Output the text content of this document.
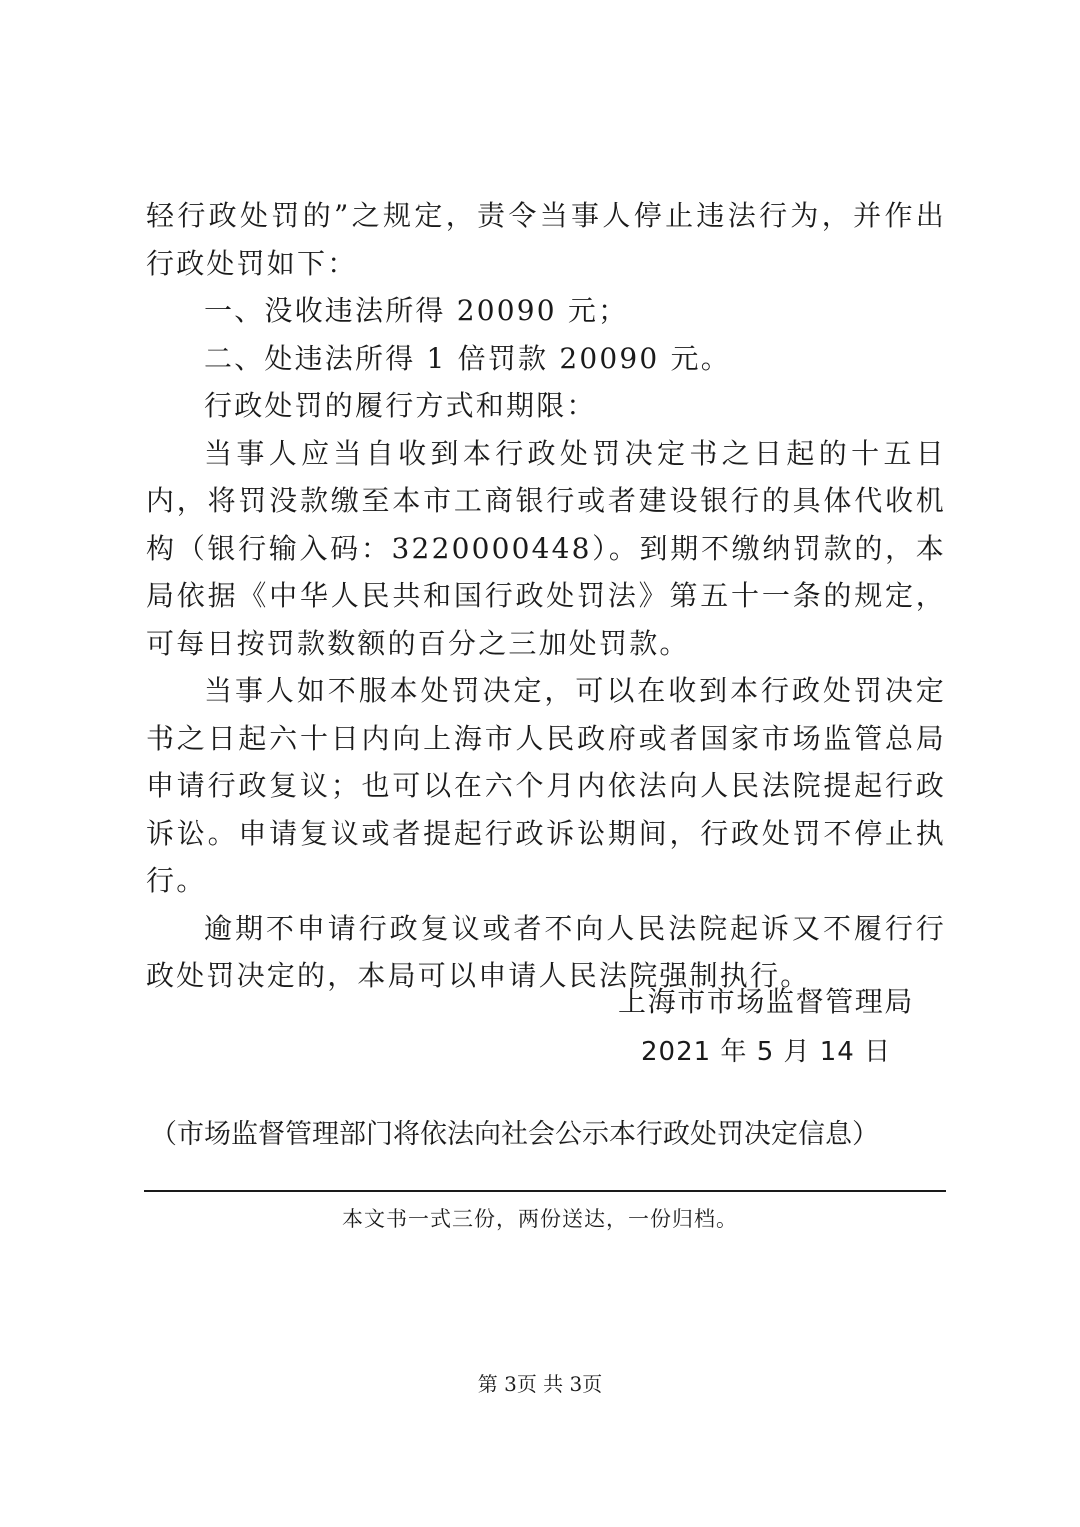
轻行政处罚的”之规定，责令当事人停止违法行为，并作出行政处罚如下：

一、没收违法所得 20090 元；

二、处违法所得 1 倍罚款 20090 元。

行政处罚的履行方式和期限：

当事人应当自收到本行政处罚决定书之日起的十五日内，将罚没款缴至本市工商银行或者建设银行的具体代收机构（银行输入码：3220000448）。到期不缴纳罚款的，本局依据《中华人民共和国行政处罚法》第五十一条的规定，可每日按罚款数额的百分之三加处罚款。

当事人如不服本处罚决定，可以在收到本行政处罚决定书之日起六十日内向上海市人民政府或者国家市场监管总局申请行政复议；也可以在六个月内依法向人民法院提起行政诉讼。申请复议或者提起行政诉讼期间，行政处罚不停止执行。

逾期不申请行政复议或者不向人民法院起诉又不履行行政处罚决定的，本局可以申请人民法院强制执行。

上海市市场监督管理局
2021 年 5 月 14 日
（市场监督管理部门将依法向社会公示本行政处罚决定信息）
本文书一式三份，两份送达，一份归档。
第 3页 共 3页
